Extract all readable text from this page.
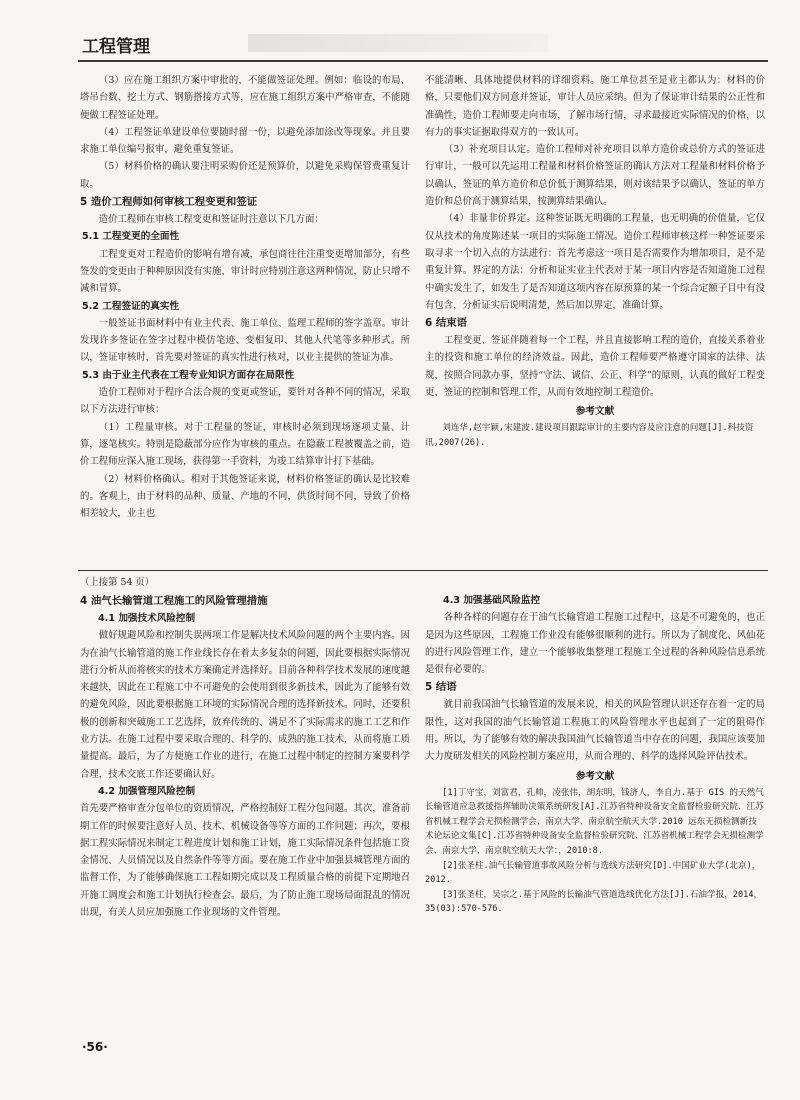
工程管理

（3）应在施工组织方案中审批的，不能做签证处理。例如：临设的布局、塔吊台数、挖土方式、钢筋搭接方式等，应在施工组织方案中严格审查，不能随便做工程签证处理。

（4）工程签证单建设单位要随时留一份，以避免添加涂改等现象。并且要求施工单位编号报审，避免重复签证。

（5）材料价格的确认要注明采购价还是预算价，以避免采购保管费重复计取。

5 造价工程师如何审核工程变更和签证

造价工程师在审核工程变更和签证时注意以下几方面：

5.1 工程变更的全面性

工程变更对工程造价的影响有增有减，承包商往往注重变更增加部分，有些签发的变更由于种种原因没有实施，审计时应特别注意这两种情况，防止只增不减和冒算。

5.2 工程签证的真实性

一般签证书面材料中有业主代表、施工单位、监理工程师的签字盖章。审计发现许多签证在签字过程中模仿笔迹、变相复印、其他人代笔等多种形式。所以，签证审核时，首先要对签证的真实性进行核对，以业主提供的签证为准。

5.3 由于业主代表在工程专业知识方面存在局限性

造价工程师对于程序合法合规的变更或签证，要针对各种不同的情况，采取以下方法进行审核：

（1）工程量审核。对于工程量的签证，审核时必须到现场逐项丈量、计算，逐笔核实。特别是隐蔽部分应作为审核的重点。在隐蔽工程被覆盖之前，造价工程师应深入施工现场，获得第一手资料，为竣工结算审计打下基础。

（2）材料价格确认。相对于其他签证来说，材料价格签证的确认是比较难的。客观上，由于材料的品种、质量、产地的不同，供货时间不同，导致了价格相差较大，业主也

不能清晰、具体地提供材料的详细资料。施工单位甚至是业主都认为：材料的价格，只要他们双方同意并签证，审计人员应采纳。但为了保证审计结果的公正性和准确性，造价工程师要走向市场，了解市场行情，寻求最接近实际情况的价格，以有力的事实证据取得双方的一致认可。

（3）补充项目认定。造价工程师对补充项目以单方造价或总价方式的签证进行审计，一般可以先运用工程量和材料价格签证的确认方法对工程量和材料价格予以确认，签证的单方造价和总价低于测算结果，则对该结果予以确认，签证的单方造价和总价高于测算结果，按测算结果确认。

（4）非量非价界定。这种签证既无明确的工程量，也无明确的价值量，它仅仅从技术的角度陈述某一项目的实际施工情况。造价工程师审核这样一种签证要采取寻求一个切入点的方法进行：首先考虑这一项目是否需要作为增加项目，是不是重复计算。界定的方法：分析和证实业主代表对于某一项目内容是否知道施工过程中确实发生了，如发生了是否知道这项内容在原预算的某一个综合定额子目中有没有包含，分析证实后说明清楚，然后加以界定，准确计算。

6 结束语

工程变更、签证伴随着每一个工程，并且直接影响工程的造价，直接关系着业主的投资和施工单位的经济效益。因此，造价工程师要严格遵守国家的法律、法规，按照合同款办事，坚持“守法、诚信、公正、科学”的原则，认真的做好工程变更、签证的控制和管理工作，从而有效地控制工程造价。

参考文献

刘连华,赵宇颖,宋建波.建设项目跟踪审计的主要内容及应注意的问题[J].科技资讯,2007(26).

（上接第 54 页）
4 油气长输管道工程施工的风险管理措施
4.1 加强技术风险控制

做好规避风险和控制失误两项工作是解决技术风险问题的两个主要内容。因为在油气长输管道的施工作业线长存在着太多复杂的问题，因此要根据实际情况进行分析从而将核实的技术方案确定并选择好。目前各种科学技术发展的速度越来越快，因此在工程施工中不可避免的会使用到很多新技术，因此为了能够有效的避免风险，因此要根据施工环境的实际情况合理的选择新技术。同时，还要积极的创新和突破施工工艺选择，放弃传统的、满足不了实际需求的施工工艺和作业方法。在施工过程中要采取合理的、科学的、成熟的施工技术，从而将施工质量提高。最后，为了方便施工作业的进行，在施工过程中制定的控制方案要科学合理，技术交底工作还要确认好。

4.2 加强管理风险控制

首先要严格审查分包单位的资质情况，严格控制好工程分包问题。其次，准备前期工作的时候要注意好人员、技术、机械设备等等方面的工作问题；再次，要根据工程实际情况来制定工程进度计划和施工计划，施工实际情况条件包括施工资金情况、人员情况以及自然条件等等方面。要在施工作业中加强县城管理方面的监督工作，为了能够确保施工工程如期完成以及工程质量合格的前提下定期地召开施工调度会和施工计划执行检查会。最后，为了防止施工现场局面混乱的情况出现，有关人员应加强施工作业现场的文件管理。

4.3 加强基础风险监控

各种各样的问题存在于油气长输管道工程施工过程中，这是不可避免的，也正是因为这些原因，工程施工作业没有能够很顺利的进行。所以为了制度化、风仙花的进行风险管理工作，建立一个能够收集整理工程施工全过程的各种风险信息系统是很有必要的。

5 结语

就目前我国油气长输管道的发展来说，相关的风险管理认识还存在着一定的局限性，这对我国的油气长输管道工程施工的风险管理水平也起到了一定的阻碍作用。所以，为了能够有效的解决我国油气长输管道当中存在的问题，我国应该要加大力度研发相关的风险控制方案应用，从而合理的、科学的选择风险评估技术。

参考文献

[1]丁守宝，刘富君，孔帅，凌张伟，胡东明，钱济人，李自力.基于 GIS 的天然气长输管道应急救援指挥辅助决策系统研发[A].江苏省特种设备安全监督检验研究院、江苏省机械工程学会无损检测学会、南京大学、南京航空航天大学.2010 远东无损检测新技术论坛论文集[C].江苏省特种设备安全监督检验研究院、江苏省机械工程学会无损检测学会、南京大学、南京航空航天大学：，2010:8.

[2]张圣柱.油气长输管道事故风险分析与选线方法研究[D].中国矿业大学(北京)，2012.

[3]张圣柱，吴宗之.基于风险的长输油气管道选线优化方法[J].石油学报，2014，35(03):570-576.

·56·
